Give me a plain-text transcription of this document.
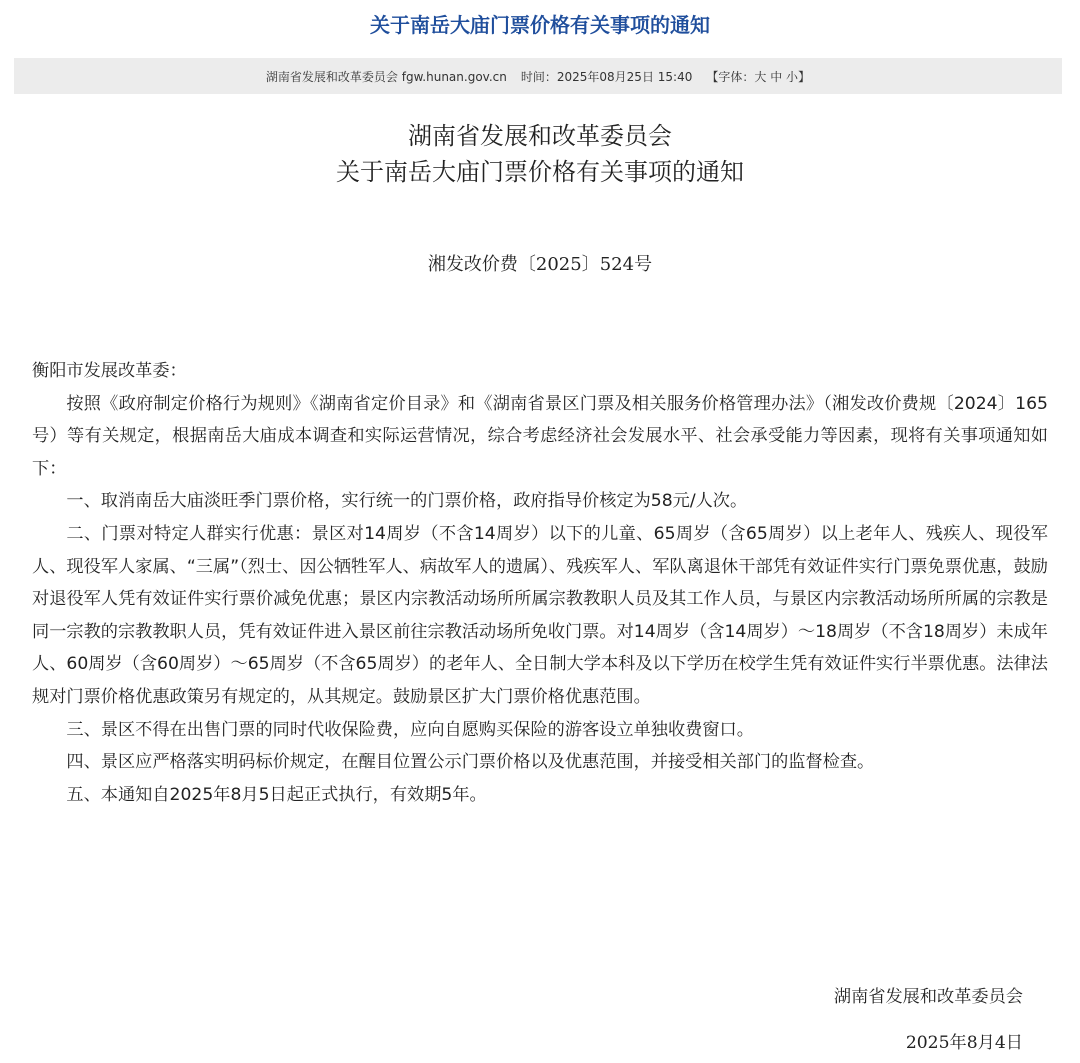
关于南岳大庙门票价格有关事项的通知
湖南省发展和改革委员会 fgw.hunan.gov.cn 时间： 2025年08月25日 15:40 【字体： 大
中
小 】
湖南省发展和改革委员会
关于南岳大庙门票价格有关事项的通知
湘发改价费〔2025〕524号

衡阳市发展改革委：

按照《政府制定价格行为规则》《湖南省定价目录》和《湖南省景区门票及相关服务价格管理办法》（湘发改价费规〔2024〕165号）等有关规定，根据南岳大庙成本调查和实际运营情况，综合考虑经济社会发展水平、社会承受能力等因素，现将有关事项通知如下：

一、取消南岳大庙淡旺季门票价格，实行统一的门票价格，政府指导价核定为58元/人次。

二、门票对特定人群实行优惠：景区对14周岁（不含14周岁）以下的儿童、65周岁（含65周岁）以上老年人、残疾人、现役军人、现役军人家属、“三属”（烈士、因公牺牲军人、病故军人的遗属）、残疾军人、军队离退休干部凭有效证件实行门票免票优惠，鼓励对退役军人凭有效证件实行票价减免优惠；景区内宗教活动场所所属宗教教职人员及其工作人员，与景区内宗教活动场所所属的宗教是同一宗教的宗教教职人员，凭有效证件进入景区前往宗教活动场所免收门票。对14周岁（含14周岁）～18周岁（不含18周岁）未成年人、60周岁（含60周岁）～65周岁（不含65周岁）的老年人、全日制大学本科及以下学历在校学生凭有效证件实行半票优惠。法律法规对门票价格优惠政策另有规定的，从其规定。鼓励景区扩大门票价格优惠范围。

三、景区不得在出售门票的同时代收保险费，应向自愿购买保险的游客设立单独收费窗口。

四、景区应严格落实明码标价规定，在醒目位置公示门票价格以及优惠范围，并接受相关部门的监督检查。

五、本通知自2025年8月5日起正式执行，有效期5年。

湖南省发展和改革委员会
2025年8月4日
